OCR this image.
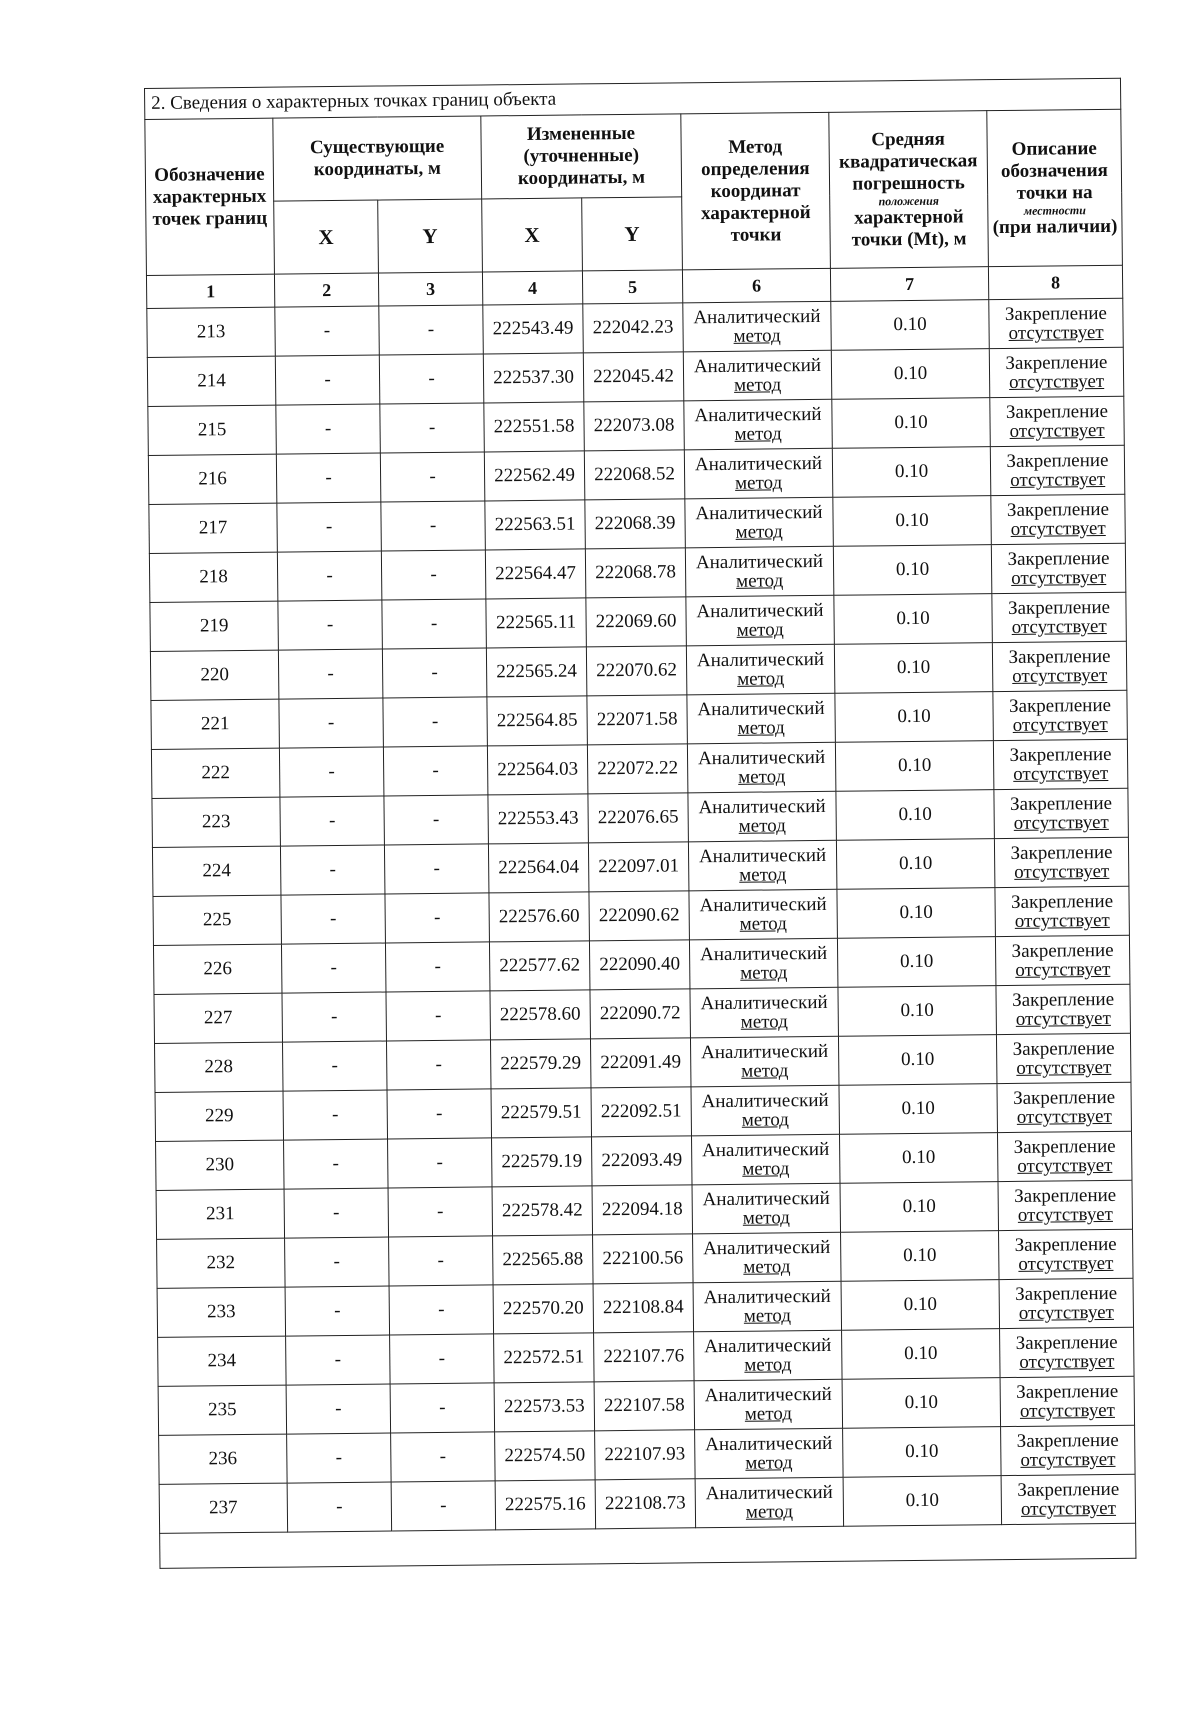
2. Сведения о характерных точках границ объекта							
Обозначение характерных точек границ	Существующие координаты, м		Измененные (уточненные) координаты, м		Метод определения координат характерной точки	Средняя квадратическая погрешность
положения
характерной точки (Mt), м	Описание обозначения точки на
местности
(при наличии)
	X	Y	X	Y			
1	2	3	4	5	6	7	8
213	-	-	222543.49	222042.23	Аналитический
метод	0.10	Закрепление
отсутствует

214	-	-	222537.30	222045.42	Аналитический
метод	0.10	Закрепление
отсутствует

215	-	-	222551.58	222073.08	Аналитический
метод	0.10	Закрепление
отсутствует

216	-	-	222562.49	222068.52	Аналитический
метод	0.10	Закрепление
отсутствует

217	-	-	222563.51	222068.39	Аналитический
метод	0.10	Закрепление
отсутствует

218	-	-	222564.47	222068.78	Аналитический
метод	0.10	Закрепление
отсутствует

219	-	-	222565.11	222069.60	Аналитический
метод	0.10	Закрепление
отсутствует

220	-	-	222565.24	222070.62	Аналитический
метод	0.10	Закрепление
отсутствует

221	-	-	222564.85	222071.58	Аналитический
метод	0.10	Закрепление
отсутствует

222	-	-	222564.03	222072.22	Аналитический
метод	0.10	Закрепление
отсутствует

223	-	-	222553.43	222076.65	Аналитический
метод	0.10	Закрепление
отсутствует

224	-	-	222564.04	222097.01	Аналитический
метод	0.10	Закрепление
отсутствует

225	-	-	222576.60	222090.62	Аналитический
метод	0.10	Закрепление
отсутствует

226	-	-	222577.62	222090.40	Аналитический
метод	0.10	Закрепление
отсутствует

227	-	-	222578.60	222090.72	Аналитический
метод	0.10	Закрепление
отсутствует

228	-	-	222579.29	222091.49	Аналитический
метод	0.10	Закрепление
отсутствует

229	-	-	222579.51	222092.51	Аналитический
метод	0.10	Закрепление
отсутствует

230	-	-	222579.19	222093.49	Аналитический
метод	0.10	Закрепление
отсутствует

231	-	-	222578.42	222094.18	Аналитический
метод	0.10	Закрепление
отсутствует

232	-	-	222565.88	222100.56	Аналитический
метод	0.10	Закрепление
отсутствует

233	-	-	222570.20	222108.84	Аналитический
метод	0.10	Закрепление
отсутствует

234	-	-	222572.51	222107.76	Аналитический
метод	0.10	Закрепление
отсутствует

235	-	-	222573.53	222107.58	Аналитический
метод	0.10	Закрепление
отсутствует

236	-	-	222574.50	222107.93	Аналитический
метод	0.10	Закрепление
отсутствует

237	-	-	222575.16	222108.73	Аналитический
метод	0.10	Закрепление
отсутствует
